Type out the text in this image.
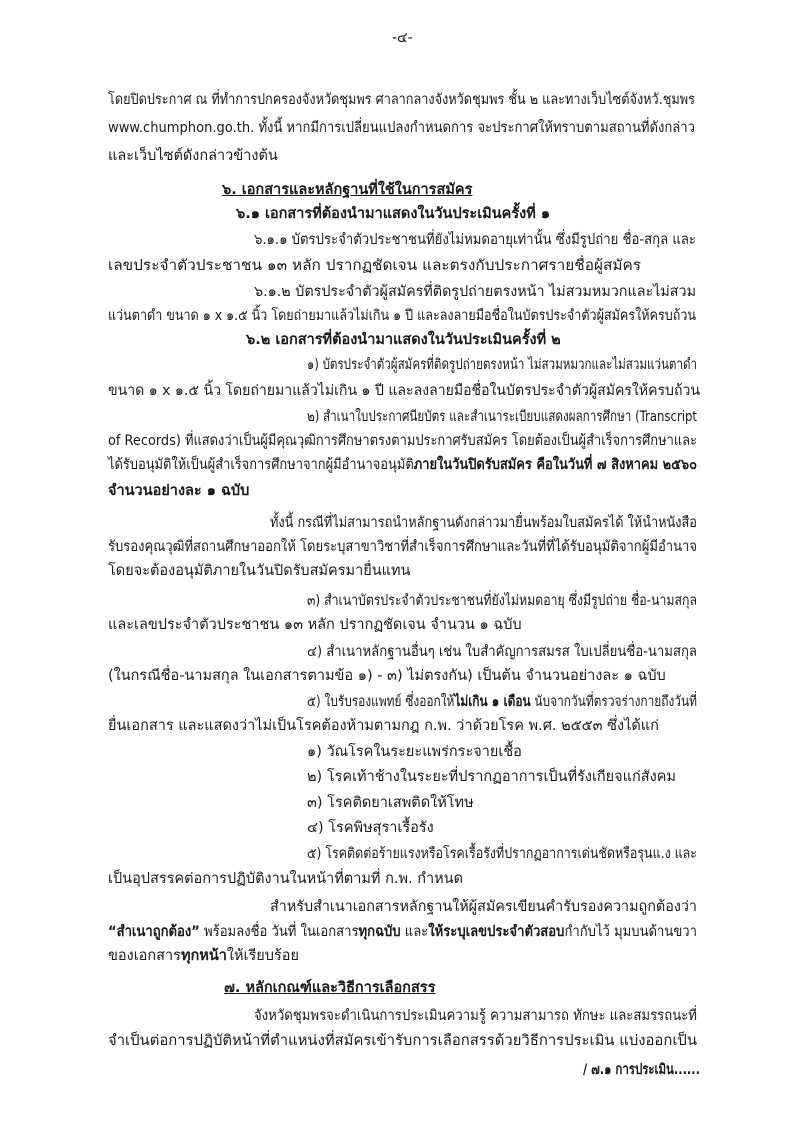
-๔-
โดยปิดประกาศ ณ ที่ทำการปกครองจังหวัดชุมพร ศาลากลางจังหวัดชุมพร ชั้น ๒ และทางเว็บไซต์จังหวั.ชุมพร
www.chumphon.go.th. ทั้งนี้ หากมีการเปลี่ยนแปลงกำหนดการ จะประกาศให้ทราบตามสถานที่ดังกล่าว
และเว็บไซต์ดังกล่าวข้างต้น
๖. เอกสารและหลักฐานที่ใช้ในการสมัคร
๖.๑ เอกสารที่ต้องนำมาแสดงในวันประเมินครั้งที่ ๑
๖.๑.๑ บัตรประจำตัวประชาชนที่ยังไม่หมดอายุเท่านั้น ซึ่งมีรูปถ่าย ชื่อ-สกุล และ
เลขประจำตัวประชาชน ๑๓ หลัก ปรากฏชัดเจน และตรงกับประกาศรายชื่อผู้สมัคร
๖.๑.๒ บัตรประจำตัวผู้สมัครที่ติดรูปถ่ายตรงหน้า ไม่สวมหมวกและไม่สวม
แว่นตาดำ ขนาด ๑ x ๑.๕ นิ้ว โดยถ่ายมาแล้วไม่เกิน ๑ ปี และลงลายมือชื่อในบัตรประจำตัวผู้สมัครให้ครบถ้วน
๖.๒ เอกสารที่ต้องนำมาแสดงในวันประเมินครั้งที่ ๒
๑) บัตรประจำตัวผู้สมัครที่ติดรูปถ่ายตรงหน้า ไม่สวมหมวกและไม่สวมแว่นตาดำ
ขนาด ๑ x ๑.๕ นิ้ว โดยถ่ายมาแล้วไม่เกิน ๑ ปี และลงลายมือชื่อในบัตรประจำตัวผู้สมัครให้ครบถ้วน
๒) สำเนาใบประกาศนียบัตร และสำเนาระเบียบแสดงผลการศึกษา (Transcript
of Records) ที่แสดงว่าเป็นผู้มีคุณวุฒิการศึกษาตรงตามประกาศรับสมัคร โดยต้องเป็นผู้สำเร็จการศึกษาและ
ได้รับอนุมัติให้เป็นผู้สำเร็จการศึกษาจากผู้มีอำนาจอนุมัติภายในวันปิดรับสมัคร คือในวันที่ ๗ สิงหาคม ๒๕๖๐
จำนวนอย่างละ ๑ ฉบับ
ทั้งนี้ กรณีที่ไม่สามารถนำหลักฐานดังกล่าวมายื่นพร้อมใบสมัครได้ ให้นำหนังสือ
รับรองคุณวุฒิที่สถานศึกษาออกให้ โดยระบุสาขาวิชาที่สำเร็จการศึกษาและวันที่ที่ได้รับอนุมัติจากผู้มีอำนาจ
โดยจะต้องอนุมัติภายในวันปิดรับสมัครมายื่นแทน
๓) สำเนาบัตรประจำตัวประชาชนที่ยังไม่หมดอายุ ซึ่งมีรูปถ่าย ชื่อ-นามสกุล
และเลขประจำตัวประชาชน ๑๓ หลัก ปรากฏชัดเจน จำนวน ๑ ฉบับ
๔) สำเนาหลักฐานอื่นๆ เช่น ใบสำคัญการสมรส ใบเปลี่ยนชื่อ-นามสกุล
(ในกรณีชื่อ-นามสกุล ในเอกสารตามข้อ ๑) - ๓) ไม่ตรงกัน) เป็นต้น จำนวนอย่างละ ๑ ฉบับ
๕) ใบรับรองแพทย์ ซึ่งออกให้ไม่เกิน ๑ เดือน นับจากวันที่ตรวจร่างกายถึงวันที่
ยื่นเอกสาร และแสดงว่าไม่เป็นโรคต้องห้ามตามกฎ ก.พ. ว่าด้วยโรค พ.ศ. ๒๕๕๓ ซึ่งได้แก่
๑) วัณโรคในระยะแพร่กระจายเชื้อ
๒) โรคเท้าช้างในระยะที่ปรากฏอาการเป็นที่รังเกียจแก่สังคม
๓) โรคติดยาเสพติดให้โทษ
๔) โรคพิษสุราเรื้อรัง
๕) โรคติดต่อร้ายแรงหรือโรคเรื้อรังที่ปรากฏอาการเด่นชัดหรือรุนแ.ง และ
เป็นอุปสรรคต่อการปฏิบัติงานในหน้าที่ตามที่ ก.พ. กำหนด
สำหรับสำเนาเอกสารหลักฐานให้ผู้สมัครเขียนคำรับรองความถูกต้องว่า
“สำเนาถูกต้อง” พร้อมลงชื่อ วันที่ ในเอกสารทุกฉบับ และให้ระบุเลขประจำตัวสอบกำกับไว้ มุมบนด้านขวา
ของเอกสารทุกหน้าให้เรียบร้อย
๗. หลักเกณฑ์และวิธีการเลือกสรร
จังหวัดชุมพรจะดำเนินการประเมินความรู้ ความสามารถ ทักษะ และสมรรถนะที่
จำเป็นต่อการปฏิบัติหน้าที่ตำแหน่งที่สมัครเข้ารับการเลือกสรรด้วยวิธีการประเมิน แบ่งออกเป็น
/ ๗.๑ การประเมิน......
